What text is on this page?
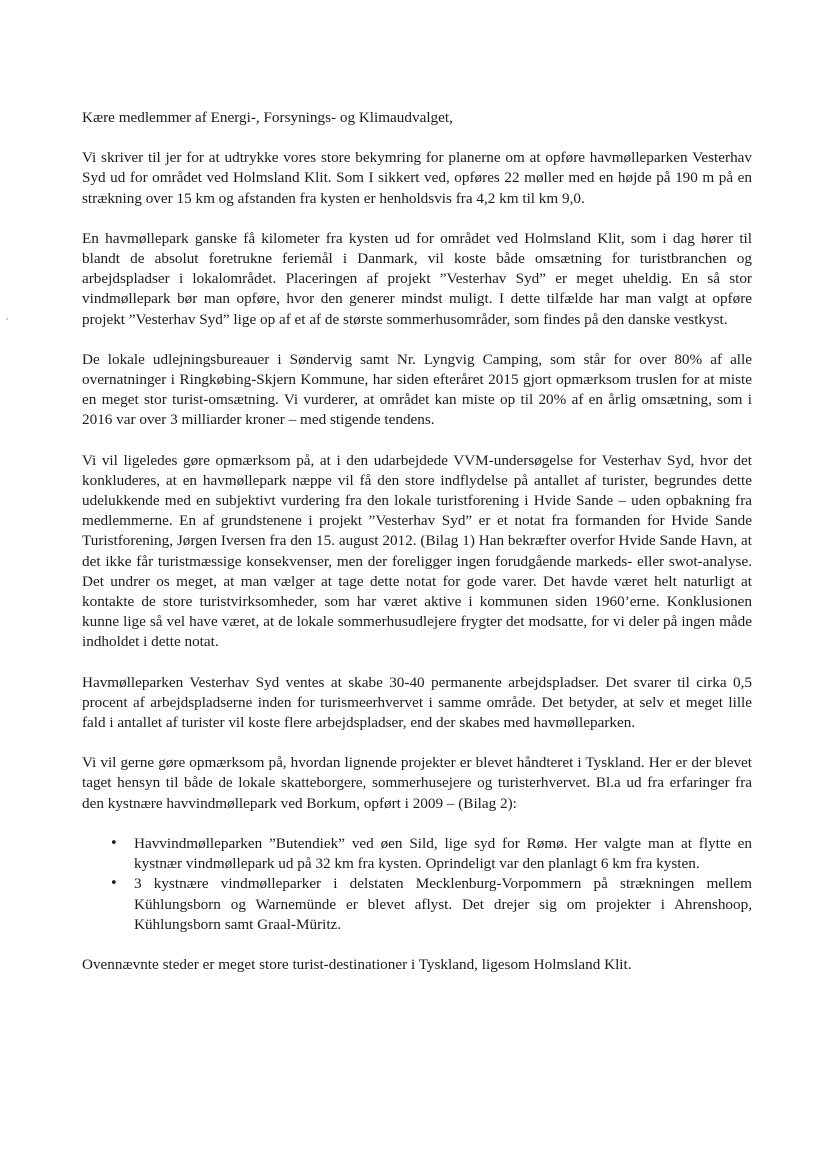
Kære medlemmer af Energi-, Forsynings- og Klimaudvalget,

Vi skriver til jer for at udtrykke vores store bekymring for planerne om at opføre havmølleparken Vesterhav Syd ud for området ved Holmsland Klit. Som I sikkert ved, opføres 22 møller med en højde på 190 m på en strækning over 15 km og afstanden fra kysten er henholdsvis fra 4,2 km til km 9,0.

En havmøllepark ganske få kilometer fra kysten ud for området ved Holmsland Klit, som i dag hører til blandt de absolut foretrukne feriemål i Danmark, vil koste både omsætning for turistbranchen og arbejdspladser i lokalområdet. Placeringen af projekt ”Vesterhav Syd” er meget uheldig. En så stor vindmøllepark bør man opføre, hvor den generer mindst muligt. I dette tilfælde har man valgt at opføre projekt ”Vesterhav Syd” lige op af et af de største sommerhusområder, som findes på den danske vestkyst.

De lokale udlejningsbureauer i Søndervig samt Nr. Lyngvig Camping, som står for over 80% af alle overnatninger i Ringkøbing-Skjern Kommune, har siden efteråret 2015 gjort opmærksom truslen for at miste en meget stor turist-omsætning. Vi vurderer, at området kan miste op til 20% af en årlig omsætning, som i 2016 var over 3 milliarder kroner – med stigende tendens.

Vi vil ligeledes gøre opmærksom på, at i den udarbejdede VVM-undersøgelse for Vesterhav Syd, hvor det konkluderes, at en havmøllepark næppe vil få den store indflydelse på antallet af turister, begrundes dette udelukkende med en subjektivt vurdering fra den lokale turistforening i Hvide Sande – uden opbakning fra medlemmerne. En af grundstenene i projekt ”Vesterhav Syd” er et notat fra formanden for Hvide Sande Turistforening, Jørgen Iversen fra den 15. august 2012. (Bilag 1) Han bekræfter overfor Hvide Sande Havn, at det ikke får turistmæssige konsekvenser, men der foreligger ingen forudgående markeds- eller swot-analyse. Det undrer os meget, at man vælger at tage dette notat for gode varer. Det havde været helt naturligt at kontakte de store turistvirksomheder, som har været aktive i kommunen siden 1960’erne. Konklusionen kunne lige så vel have været, at de lokale sommerhusudlejere frygter det modsatte, for vi deler på ingen måde indholdet i dette notat.

Havmølleparken Vesterhav Syd ventes at skabe 30-40 permanente arbejdspladser. Det svarer til cirka 0,5 procent af arbejdspladserne inden for turismeerhvervet i samme område. Det betyder, at selv et meget lille fald i antallet af turister vil koste flere arbejdspladser, end der skabes med havmølleparken.

Vi vil gerne gøre opmærksom på, hvordan lignende projekter er blevet håndteret i Tyskland. Her er der blevet taget hensyn til både de lokale skatteborgere, sommerhusejere og turisterhvervet. Bl.a ud fra erfaringer fra den kystnære havvindmøllepark ved Borkum, opført i 2009 – (Bilag 2):

• Havvindmølleparken ”Butendiek” ved øen Sild, lige syd for Rømø. Her valgte man at flytte en kystnær vindmøllepark ud på 32 km fra kysten. Oprindeligt var den planlagt 6 km fra kysten.
• 3 kystnære vindmølleparker i delstaten Mecklenburg-Vorpommern på strækningen mellem Kühlungsborn og Warnemünde er blevet aflyst. Det drejer sig om projekter i Ahrenshoop, Kühlungsborn samt Graal-Müritz.

Ovennævnte steder er meget store turist-destinationer i Tyskland, ligesom Holmsland Klit.
